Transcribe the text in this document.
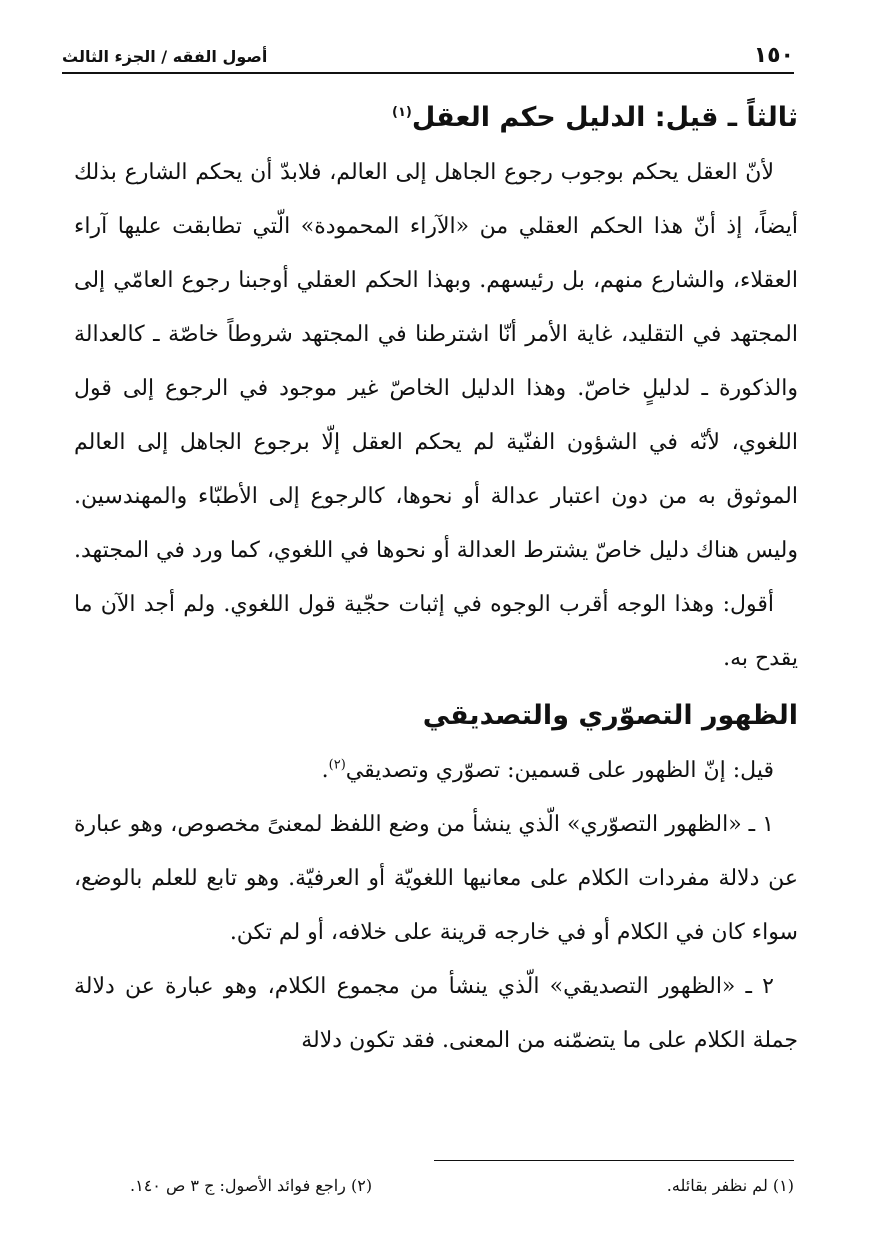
١٥٠
أصول الفقه / الجزء الثالث
ثالثاً ـ قيل: الدليل حكم العقل$^{(١)}$

لأنّ العقل يحكم بوجوب رجوع الجاهل إلى العالم، فلابدّ أن يحكم الشارع بذلك أيضاً، إذ أنّ هذا الحكم العقلي من «الآراء المحمودة» الّتي تطابقت عليها آراء العقلاء، والشارع منهم، بل رئيسهم. وبهذا الحكم العقلي أوجبنا رجوع العامّي إلى المجتهد في التقليد، غاية الأمر أنّا اشترطنا في المجتهد شروطاً خاصّة ـ كالعدالة والذكورة ـ لدليلٍ خاصّ. وهذا الدليل الخاصّ غير موجود في الرجوع إلى قول اللغوي، لأنّه في الشؤون الفنّية لم يحكم العقل إلّا برجوع الجاهل إلى العالم الموثوق به من دون اعتبار عدالة أو نحوها، كالرجوع إلى الأطبّاء والمهندسين. وليس هناك دليل خاصّ يشترط العدالة أو نحوها في اللغوي، كما ورد في المجتهد.

أقول: وهذا الوجه أقرب الوجوه في إثبات حجّية قول اللغوي. ولم أجد الآن ما يقدح به.

الظهور التصوّري والتصديقي

قيل: إنّ الظهور على قسمين: تصوّري وتصديقي$^{(٢)}$.

١ ـ «الظهور التصوّري» الّذي ينشأ من وضع اللفظ لمعنىً مخصوص، وهو عبارة عن دلالة مفردات الكلام على معانيها اللغويّة أو العرفيّة. وهو تابع للعلم بالوضع، سواء كان في الكلام أو في خارجه قرينة على خلافه، أو لم تكن.

٢ ـ «الظهور التصديقي» الّذي ينشأ من مجموع الكلام، وهو عبارة عن دلالة جملة الكلام على ما يتضمّنه من المعنى. فقد تكون دلالة

(١) لم نظفر بقائله.
(٢) راجع فوائد الأصول: ج ٣ ص ١٤٠.
